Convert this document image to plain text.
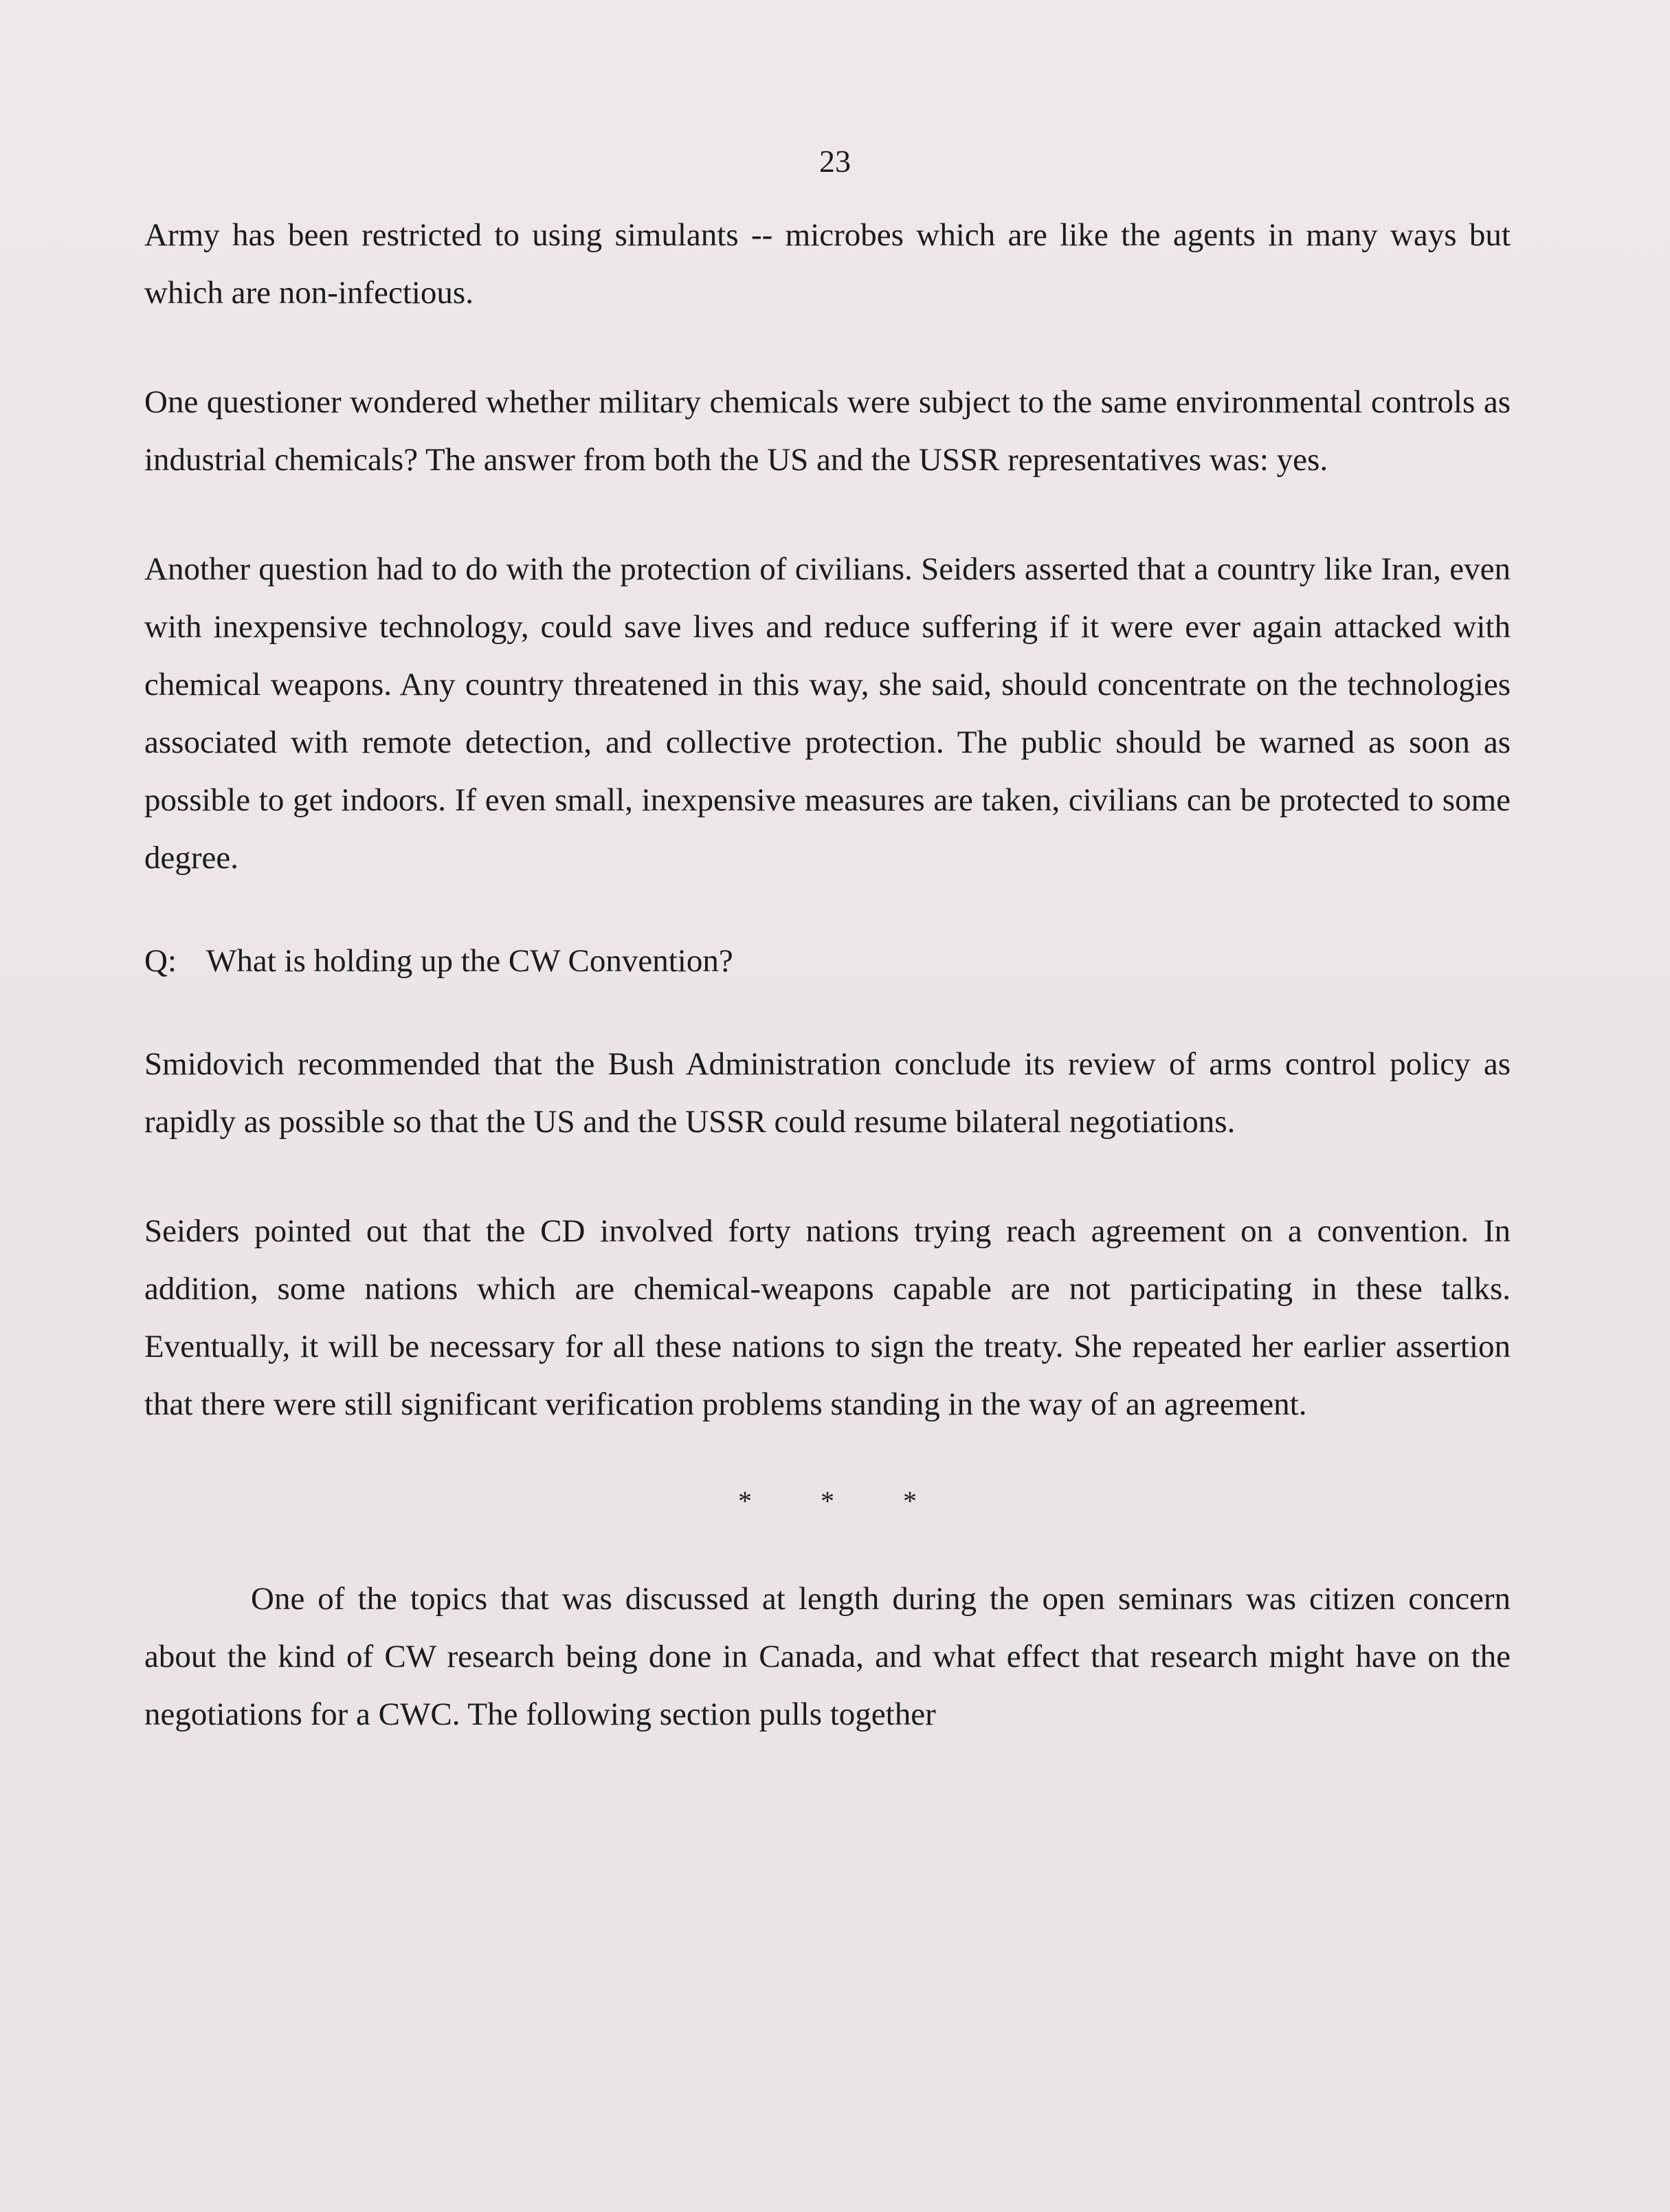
23

Army has been restricted to using simulants -- microbes which are like the agents in many ways but which are non-infectious.

One questioner wondered whether military chemicals were subject to the same environmental controls as industrial chemicals? The answer from both the US and the USSR representatives was: yes.

Another question had to do with the protection of civilians. Seiders asserted that a country like Iran, even with inexpensive technology, could save lives and reduce suffering if it were ever again attacked with chemical weapons. Any country threatened in this way, she said, should concentrate on the technologies associated with remote detection, and collective protection. The public should be warned as soon as possible to get indoors. If even small, inexpensive measures are taken, civilians can be protected to some degree.

Q: What is holding up the CW Convention?

Smidovich recommended that the Bush Administration conclude its review of arms control policy as rapidly as possible so that the US and the USSR could resume bilateral negotiations.

Seiders pointed out that the CD involved forty nations trying reach agreement on a convention. In addition, some nations which are chemical-weapons capable are not participating in these talks. Eventually, it will be necessary for all these nations to sign the treaty. She repeated her earlier assertion that there were still significant verification problems standing in the way of an agreement.

*	*	*

One of the topics that was discussed at length during the open seminars was citizen concern about the kind of CW research being done in Canada, and what effect that research might have on the negotiations for a CWC. The following section pulls together
